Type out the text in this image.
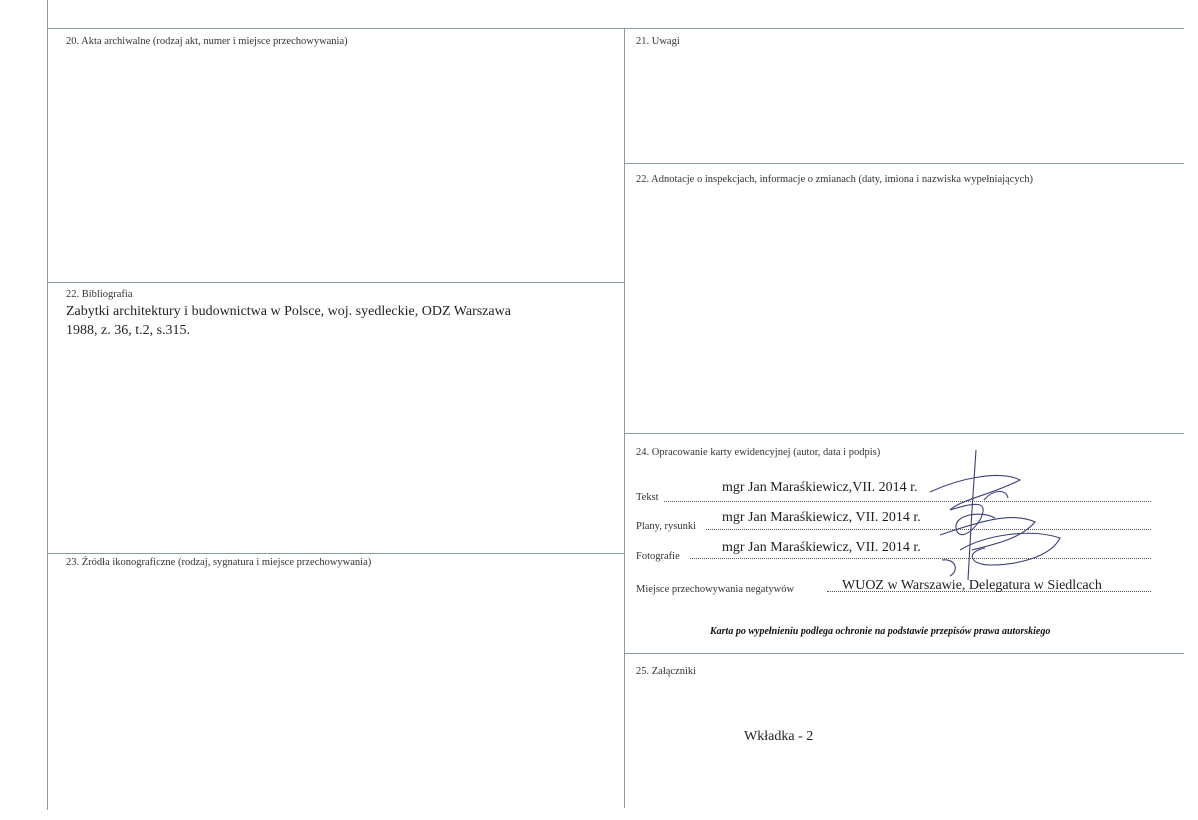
20. Akta archiwalne (rodzaj akt, numer i miejsce przechowywania)	21. Uwagi
22. Adnotacje o inspekcjach, informacje o zmianach (daty, imiona i nazwiska wypełniających)
22. Bibliografia
Zabytki architektury i budownictwa w Polsce, woj. syedleckie, ODZ Warszawa
1988, z. 36, t.2, s.315.
23. Źródła ikonograficzne (rodzaj, sygnatura i miejsce przechowywania)
24. Opracowanie karty ewidencyjnej (autor, data i podpis)
Tekst
mgr Jan Maraśkiewicz,VII. 2014 r.
Plany, rysunki
mgr Jan Maraśkiewicz, VII. 2014 r.
Fotografie
mgr Jan Maraśkiewicz, VII. 2014 r.
Miejsce przechowywania negatywów	WUOZ w Warszawie, Delegatura w Siedlcach
Karta po wypełnieniu podlega ochronie na podstawie przepisów prawa autorskiego
25. Załączniki
Wkładka - 2
